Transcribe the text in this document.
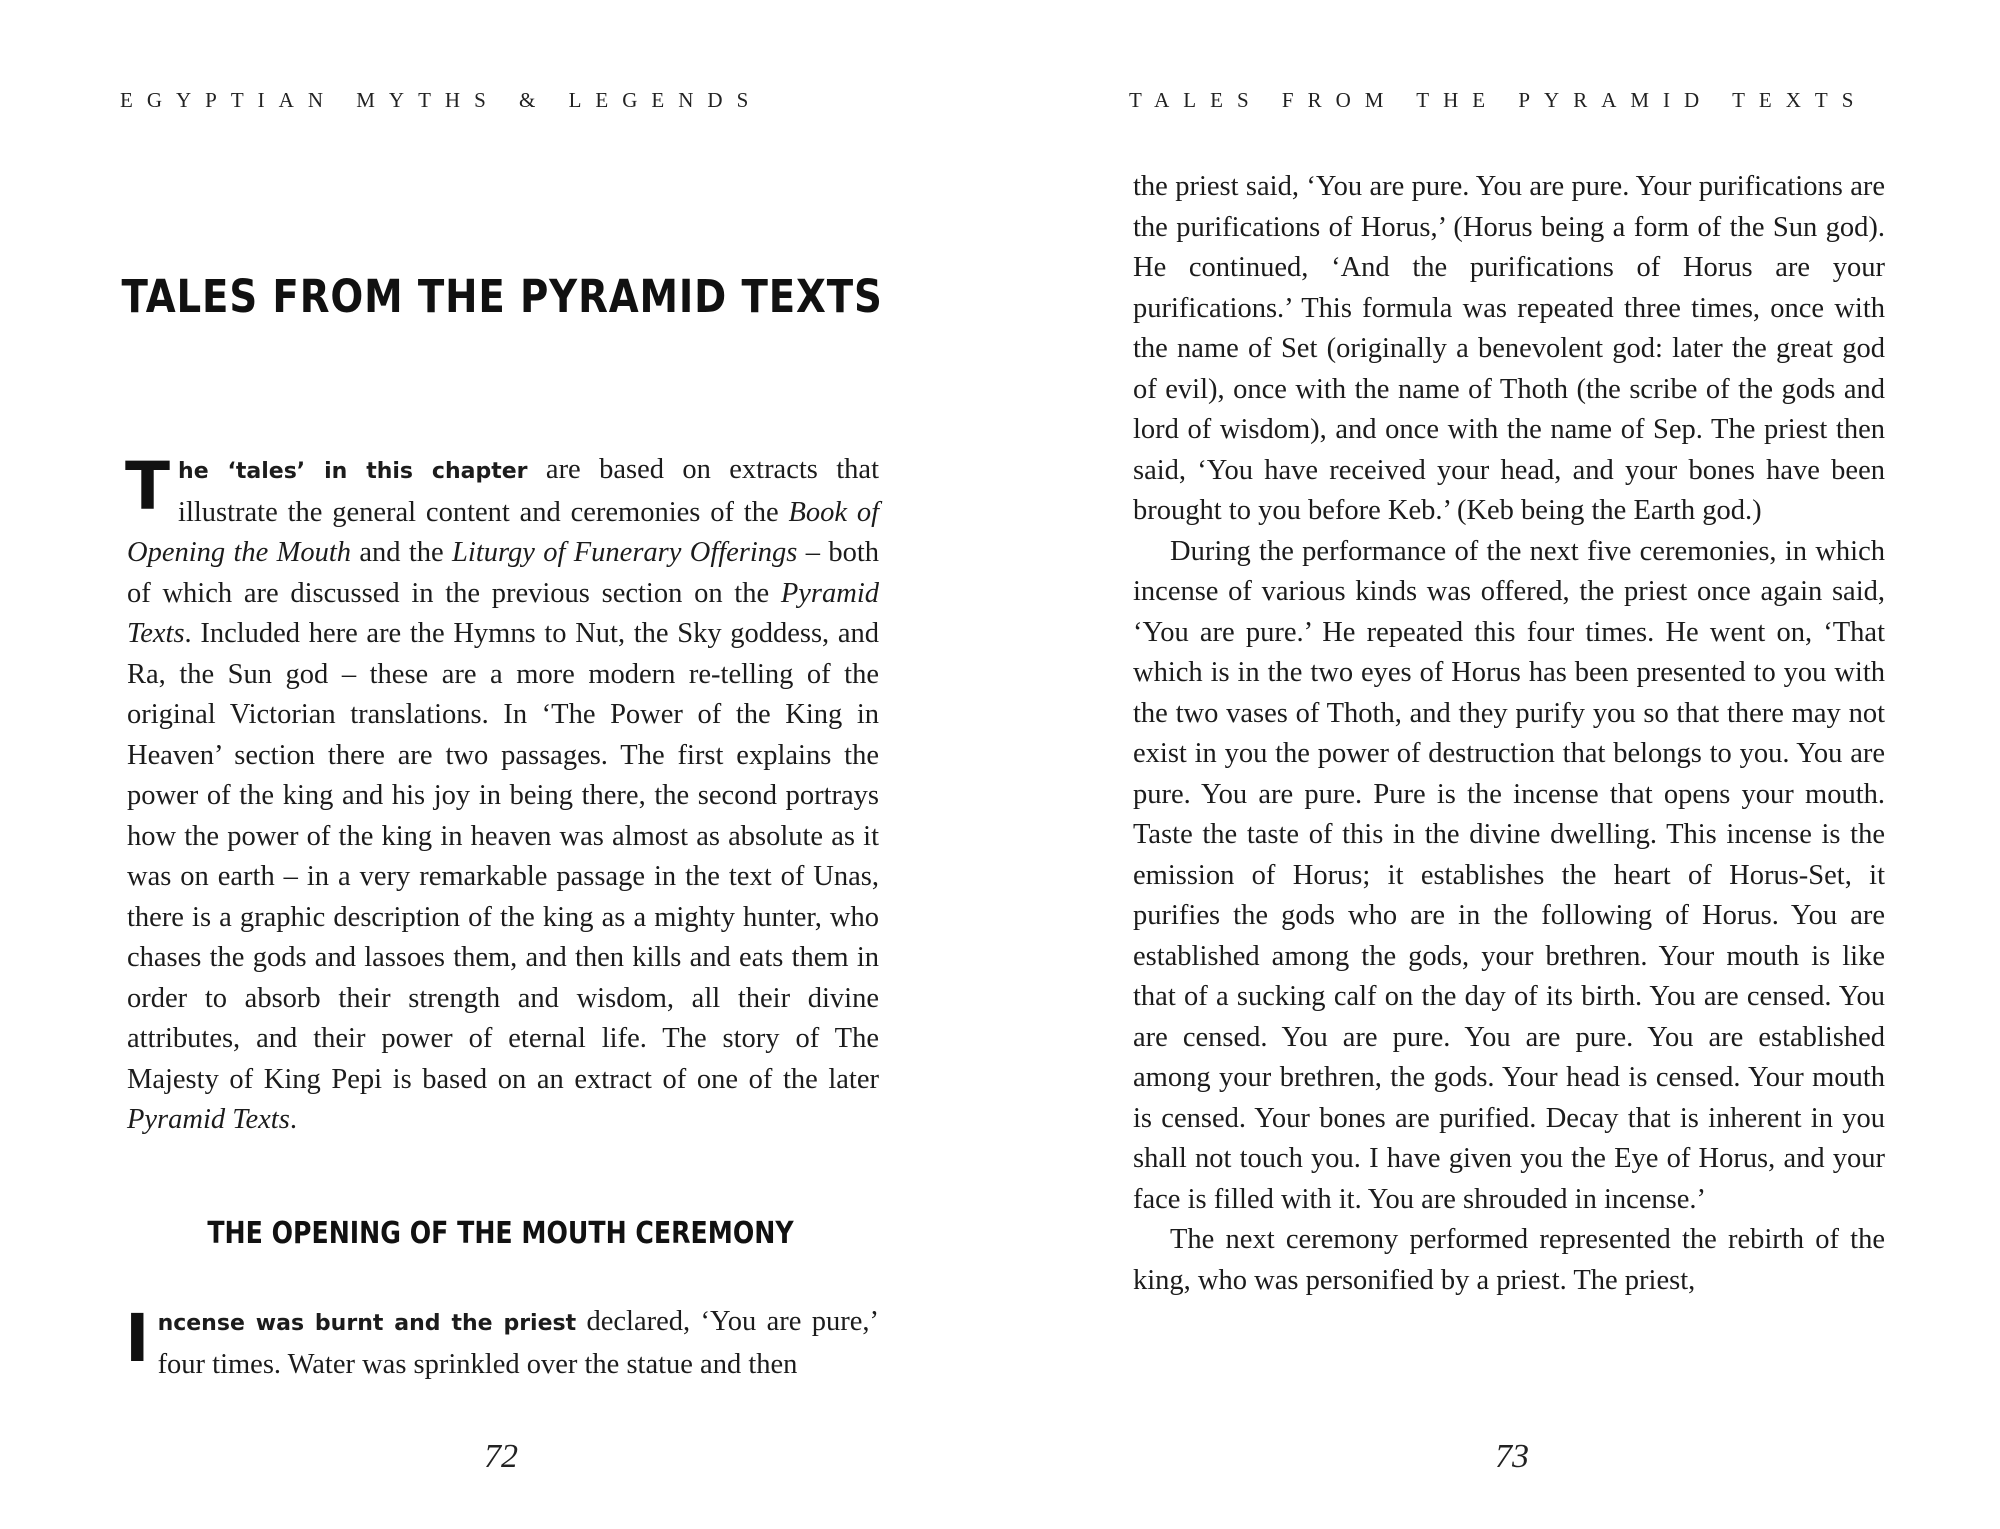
EGYPTIAN MYTHS & LEGENDS
TALES FROM THE PYRAMID TEXTS

The ‘tales’ in this chapter are based on extracts that illustrate the general content and ceremonies of the Book of Opening the Mouth and the Liturgy of Funerary Offerings – both of which are discussed in the previous section on the Pyramid Texts. Included here are the Hymns to Nut, the Sky goddess, and Ra, the Sun god – these are a more modern re-telling of the original Victorian translations. In ‘The Power of the King in Heaven’ section there are two passages. The first explains the power of the king and his joy in being there, the second portrays how the power of the king in heaven was almost as absolute as it was on earth – in a very remarkable passage in the text of Unas, there is a graphic description of the king as a mighty hunter, who chases the gods and lassoes them, and then kills and eats them in order to absorb their strength and wisdom, all their divine attributes, and their power of eternal life. The story of The Majesty of King Pepi is based on an extract of one of the later Pyramid Texts.

THE OPENING OF THE MOUTH CEREMONY

Incense was burnt and the priest declared, ‘You are pure,’ four times. Water was sprinkled over the statue and then

72
TALES FROM THE PYRAMID TEXTS

the priest said, ‘You are pure. You are pure. Your purifications are the purifications of Horus,’ (Horus being a form of the Sun god). He continued, ‘And the purifications of Horus are your purifications.’ This formula was repeated three times, once with the name of Set (originally a benevolent god: later the great god of evil), once with the name of Thoth (the scribe of the gods and lord of wisdom), and once with the name of Sep. The priest then said, ‘You have received your head, and your bones have been brought to you before Keb.’ (Keb being the Earth god.)

During the performance of the next five ceremonies, in which incense of various kinds was offered, the priest once again said, ‘You are pure.’ He repeated this four times. He went on, ‘That which is in the two eyes of Horus has been presented to you with the two vases of Thoth, and they purify you so that there may not exist in you the power of destruction that belongs to you. You are pure. You are pure. Pure is the incense that opens your mouth. Taste the taste of this in the divine dwelling. This incense is the emission of Horus; it establishes the heart of Horus-Set, it purifies the gods who are in the following of Horus. You are established among the gods, your brethren. Your mouth is like that of a sucking calf on the day of its birth. You are censed. You are censed. You are pure. You are pure. You are established among your brethren, the gods. Your head is censed. Your mouth is censed. Your bones are purified. Decay that is inherent in you shall not touch you. I have given you the Eye of Horus, and your face is filled with it. You are shrouded in incense.’

The next ceremony performed represented the rebirth of the king, who was personified by a priest. The priest,

73
